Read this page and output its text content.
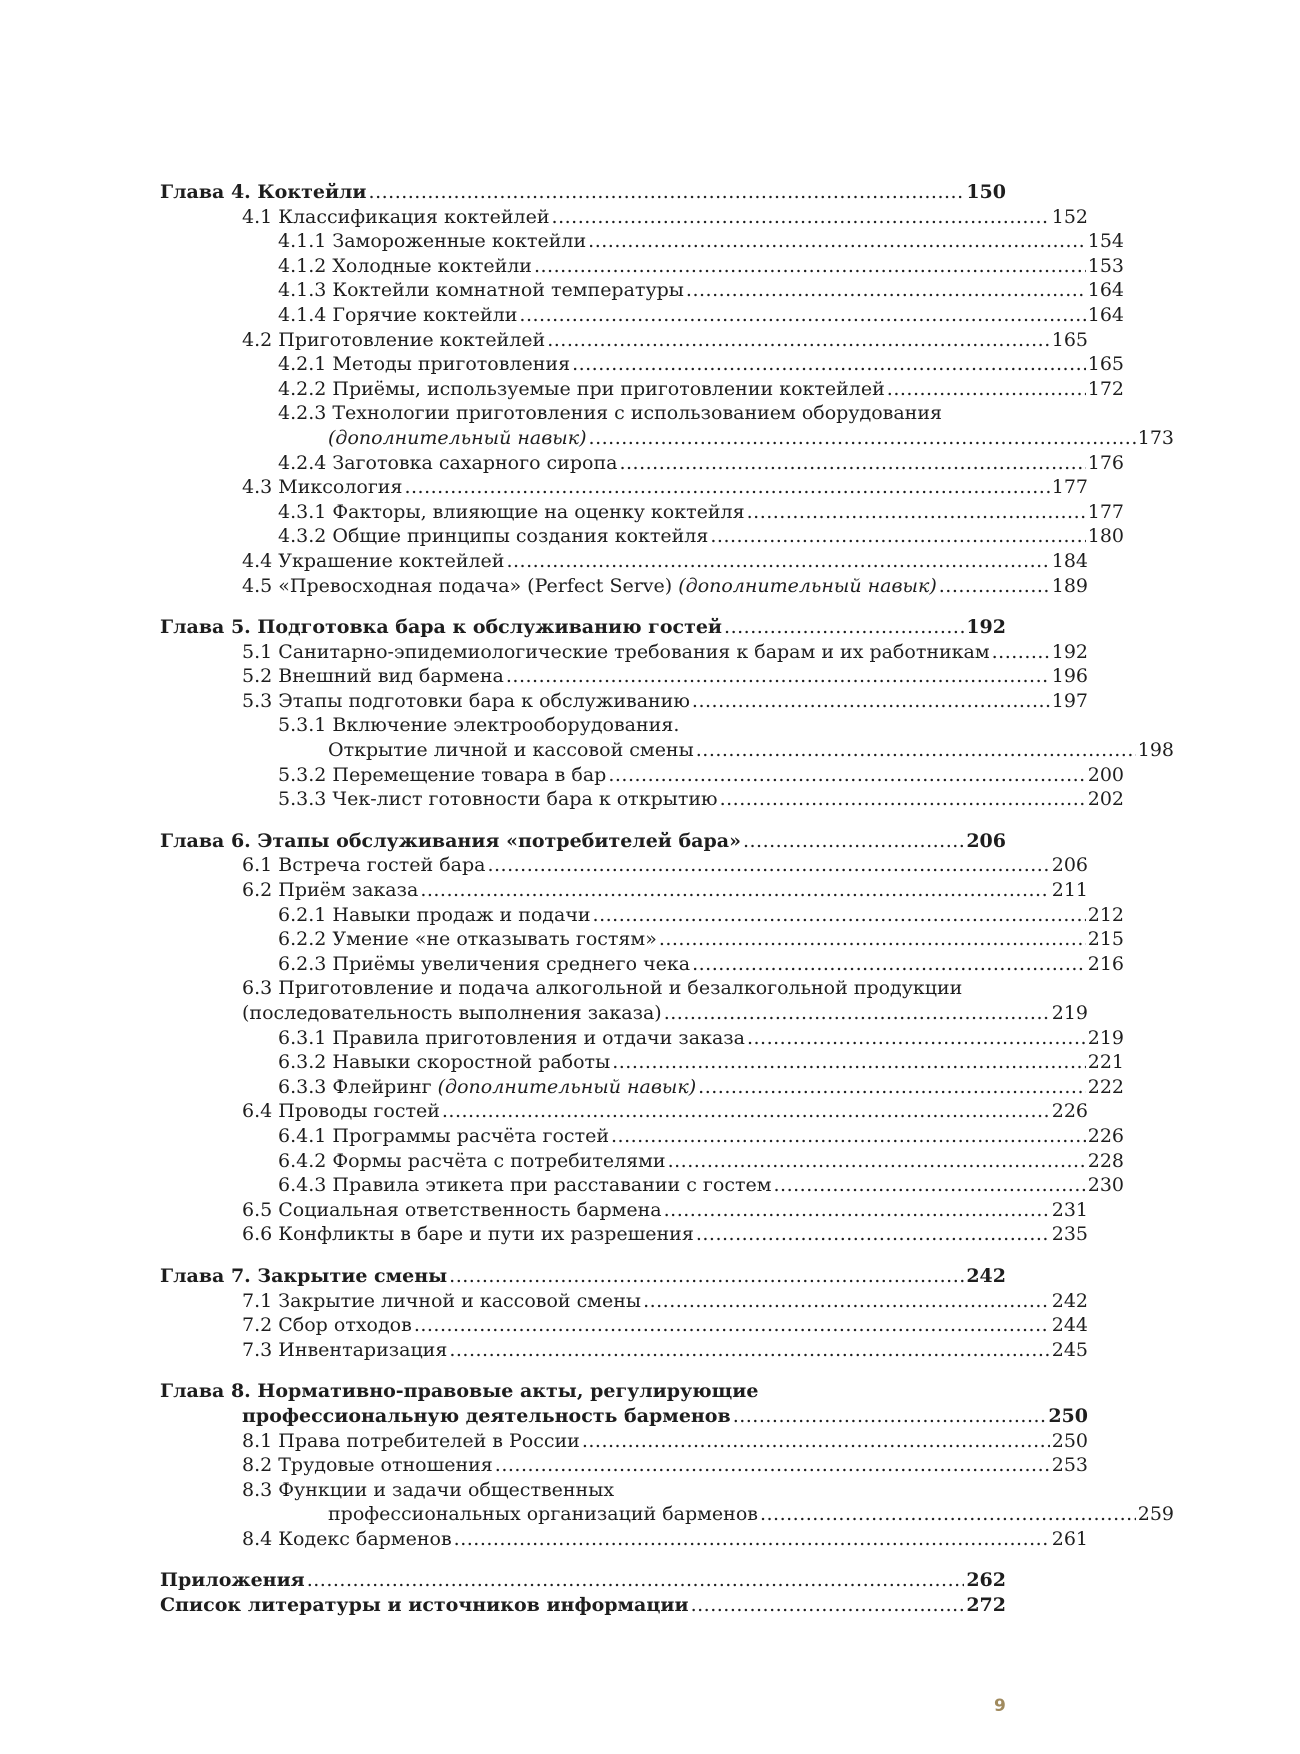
Глава 4. Коктейли .....	150
4.1 Классификация коктейлей .....	152
4.1.1 Замороженные коктейли .....	154
4.1.2 Холодные коктейли .....	153
4.1.3 Коктейли комнатной температуры .....	164
4.1.4 Горячие коктейли .....	164
4.2 Приготовление коктейлей .....	165
4.2.1 Методы приготовления .....	165
4.2.2 Приёмы, используемые при приготовлении коктейлей .....	172
4.2.3 Технологии приготовления с использованием оборудования
(дополнительный навык) .....	173
4.2.4 Заготовка сахарного сиропа .....	176
4.3 Миксология .....	177
4.3.1 Факторы, влияющие на оценку коктейля .....	177
4.3.2 Общие принципы создания коктейля .....	180
4.4 Украшение коктейлей .....	184
4.5 «Превосходная подача» (Perfect Serve) (дополнительный навык) .....	189
Глава 5. Подготовка бара к обслуживанию гостей .....	192
5.1 Санитарно-эпидемиологические требования к барам и их работникам .....	192
5.2 Внешний вид бармена .....	196
5.3 Этапы подготовки бара к обслуживанию .....	197
5.3.1 Включение электрооборудования.
Открытие личной и кассовой смены .....	198
5.3.2 Перемещение товара в бар .....	200
5.3.3 Чек-лист готовности бара к открытию .....	202
Глава 6. Этапы обслуживания «потребителей бара» .....	206
6.1 Встреча гостей бара .....	206
6.2 Приём заказа .....	211
6.2.1 Навыки продаж и подачи .....	212
6.2.2 Умение «не отказывать гостям» .....	215
6.2.3 Приёмы увеличения среднего чека .....	216
6.3 Приготовление и подача алкогольной и безалкогольной продукции
(последовательность выполнения заказа) .....	219
6.3.1 Правила приготовления и отдачи заказа .....	219
6.3.2 Навыки скоростной работы .....	221
6.3.3 Флейринг (дополнительный навык) .....	222
6.4 Проводы гостей .....	226
6.4.1 Программы расчёта гостей .....	226
6.4.2 Формы расчёта с потребителями .....	228
6.4.3 Правила этикета при расставании с гостем .....	230
6.5 Социальная ответственность бармена .....	231
6.6 Конфликты в баре и пути их разрешения .....	235
Глава 7. Закрытие смены .....	242
7.1 Закрытие личной и кассовой смены .....	242
7.2 Сбор отходов .....	244
7.3 Инвентаризация .....	245
Глава 8. Нормативно-правовые акты, регулирующие
профессиональную деятельность барменов .....	250
8.1 Права потребителей в России .....	250
8.2 Трудовые отношения .....	253
8.3 Функции и задачи общественных
профессиональных организаций барменов .....	259
8.4 Кодекс барменов .....	261
Приложения .....	262
Список литературы и источников информации .....	272
9
